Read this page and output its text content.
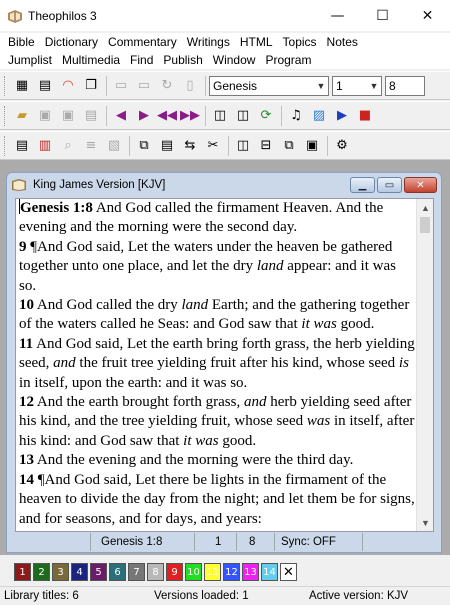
Theophilos 3	—	☐	✕
Bible Dictionary Commentary Writings HTML Topics Notes
Jumplist Multimedia Find Publish Window Program
▦ ▤ ◠ ❐	▭ ▭ ↻	▯	Genesis	▼ 1	▼ 8
▰ ▣ ▣ ▤	◀	▶ ◀◀ ▶▶	◫ ◫ ⟳	♫ ▨ ▶ ■
▤ ▥	⌕	≡ ▧	⧉ ▤ ⇆ ✂	◫ ⊟ ⧉ ▣	⚙
King James Version [KJV]	▁	▭	✕
Genesis 1:8 And God called the firmament Heaven. And the evening and the morning were the second day.
9 ¶And God said, Let the waters under the heaven be gathered together unto one place, and let the dry land appear: and it was so.
10 And God called the dry land Earth; and the gathering together of the waters called he Seas: and God saw that it was good.
11 And God said, Let the earth bring forth grass, the herb yielding seed, and the fruit tree yielding fruit after his kind, whose seed is in itself, upon the earth: and it was so.
12 And the earth brought forth grass, and herb yielding seed after his kind, and the tree yielding fruit, whose seed was in itself, after his kind: and God saw that it was good.
13 And the evening and the morning were the third day.
14 ¶And God said, Let there be lights in the firmament of the heaven to divide the day from the night; and let them be for signs, and for seasons, and for days, and years:
▲
▼
Genesis 1:8	1	8	Sync: OFF
1	2	3	4	5	6	7	8	9 10 11 12 13 14 ✕
Library titles: 6	Versions loaded: 1	Active version: KJV
